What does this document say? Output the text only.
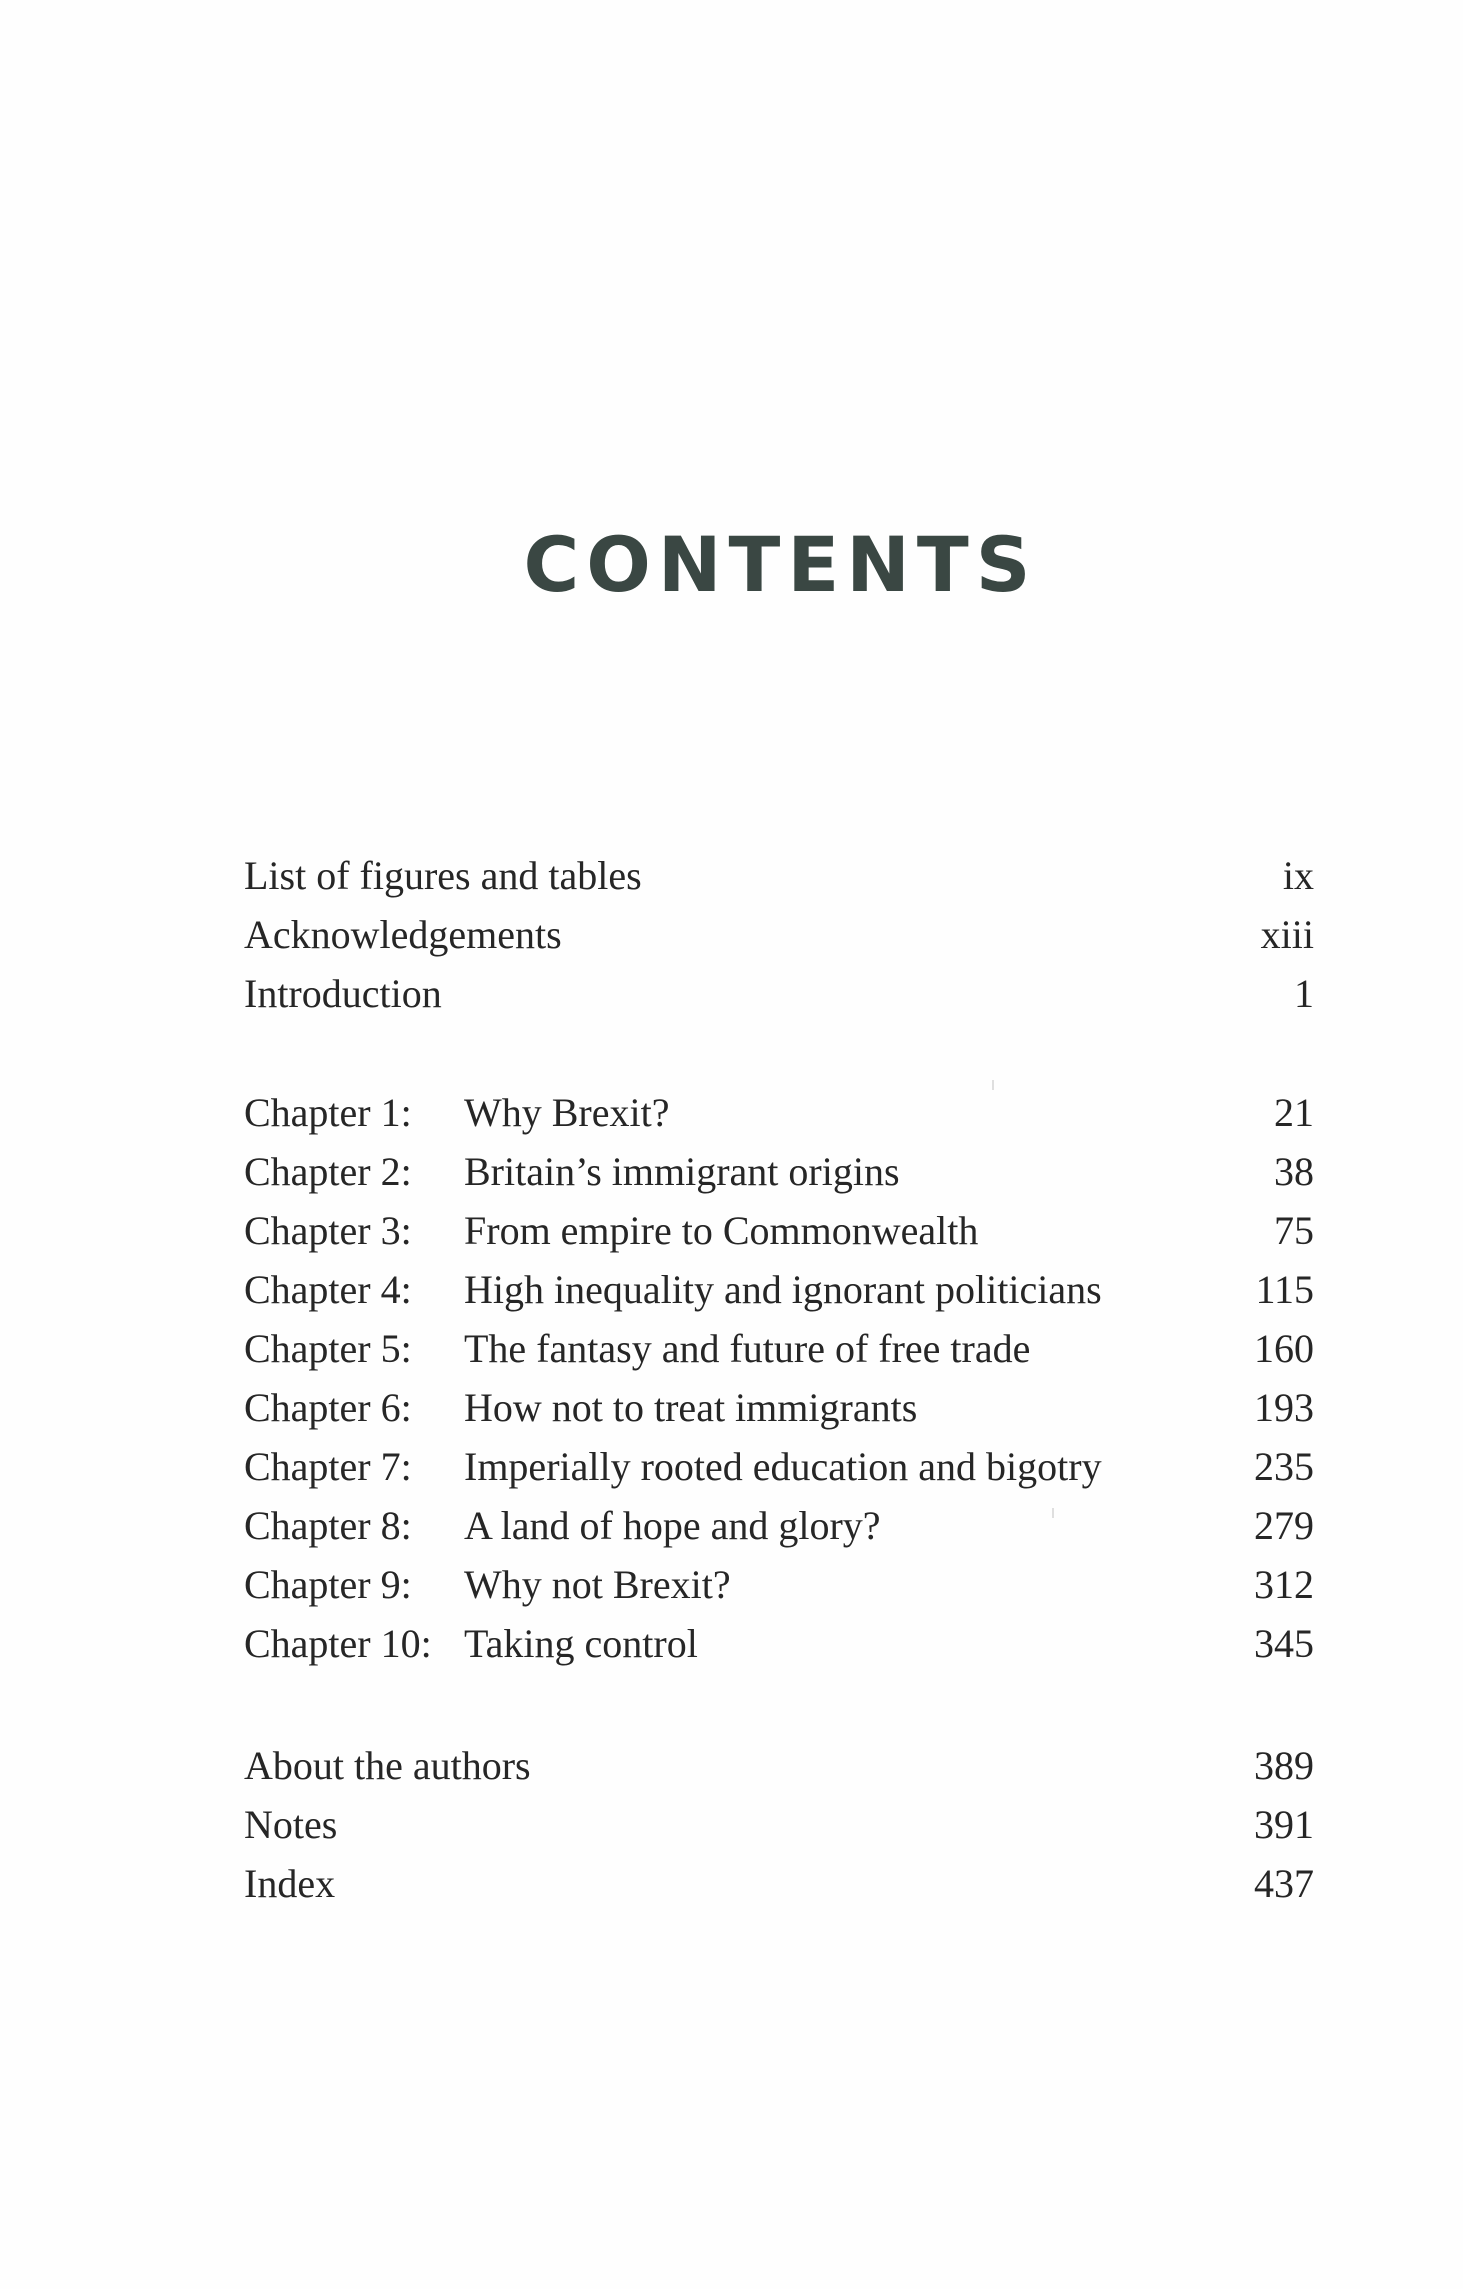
CONTENTS
List of figures and tables	ix
Acknowledgements	xiii
Introduction	1
Chapter 1:	Why Brexit?	21
Chapter 2:	Britain’s immigrant origins	38
Chapter 3:	From empire to Commonwealth	75
Chapter 4:	High inequality and ignorant politicians	115
Chapter 5:	The fantasy and future of free trade	160
Chapter 6:	How not to treat immigrants	193
Chapter 7:	Imperially rooted education and bigotry	235
Chapter 8:	A land of hope and glory?	279
Chapter 9:	Why not Brexit?	312
Chapter 10: Taking control	345
About the authors	389
Notes	391
Index	437
